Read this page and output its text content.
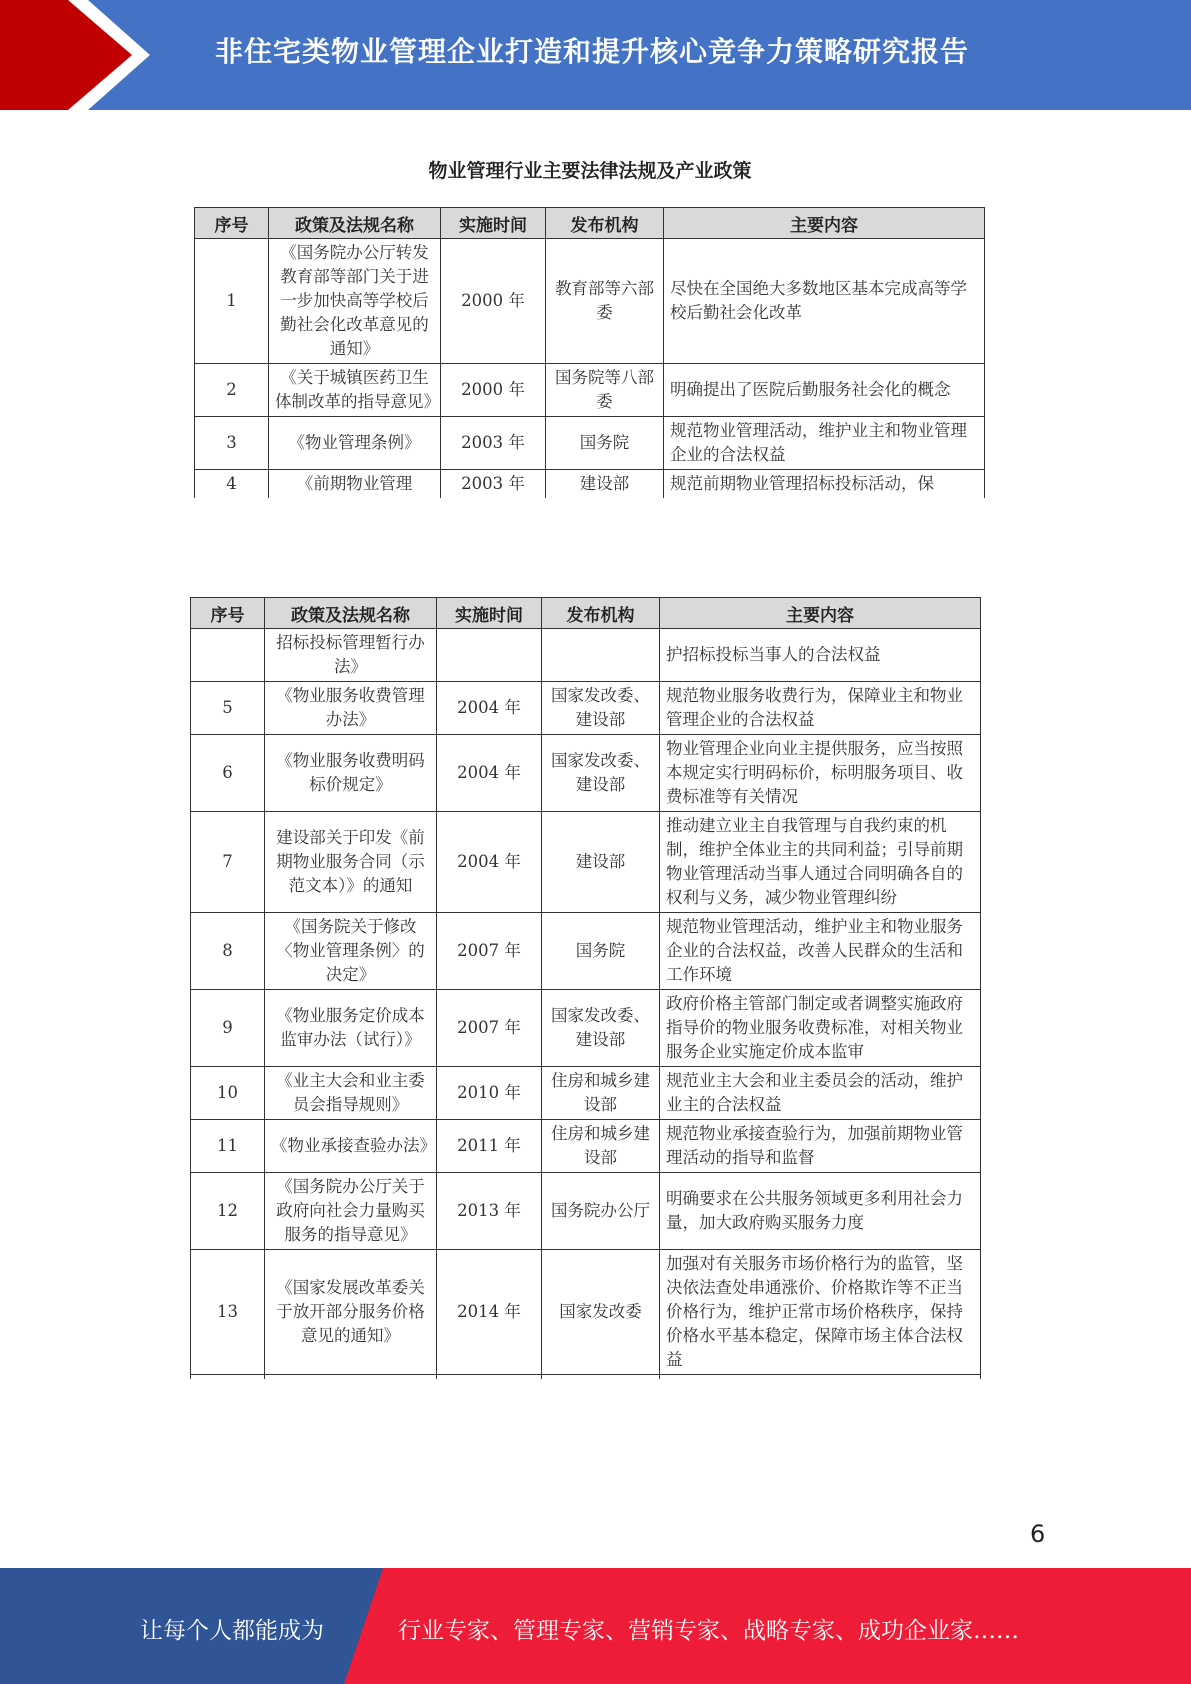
非住宅类物业管理企业打造和提升核心竞争力策略研究报告
物业管理行业主要法律法规及产业政策
序号	政策及法规名称	实施时间	发布机构	主要内容
1	《国务院办公厅转发教育部等部门关于进一步加快高等学校后勤社会化改革意见的通知》	2000 年	教育部等六部委	尽快在全国绝大多数地区基本完成高等学校后勤社会化改革
2	《关于城镇医药卫生体制改革的指导意见》	2000 年	国务院等八部委	明确提出了医院后勤服务社会化的概念
3	《物业管理条例》	2003 年	国务院	规范物业管理活动，维护业主和物业管理企业的合法权益
4	《前期物业管理	2003 年	建设部	规范前期物业管理招标投标活动，保
序号	政策及法规名称	实施时间	发布机构	主要内容
	招标投标管理暂行办法》			护招标投标当事人的合法权益
5	《物业服务收费管理办法》	2004 年	国家发改委、建设部	规范物业服务收费行为，保障业主和物业管理企业的合法权益
6	《物业服务收费明码标价规定》	2004 年	国家发改委、建设部	物业管理企业向业主提供服务，应当按照本规定实行明码标价，标明服务项目、收费标准等有关情况
7	建设部关于印发《前期物业服务合同（示范文本）》的通知	2004 年	建设部	推动建立业主自我管理与自我约束的机制，维护全体业主的共同利益；引导前期物业管理活动当事人通过合同明确各自的权利与义务，减少物业管理纠纷
8	《国务院关于修改〈物业管理条例〉的决定》	2007 年	国务院	规范物业管理活动，维护业主和物业服务企业的合法权益，改善人民群众的生活和工作环境
9	《物业服务定价成本监审办法（试行）》	2007 年	国家发改委、建设部	政府价格主管部门制定或者调整实施政府指导价的物业服务收费标准，对相关物业服务企业实施定价成本监审
10	《业主大会和业主委员会指导规则》	2010 年	住房和城乡建设部	规范业主大会和业主委员会的活动，维护业主的合法权益
11	《物业承接查验办法》	2011 年	住房和城乡建设部	规范物业承接查验行为，加强前期物业管理活动的指导和监督
12	《国务院办公厅关于政府向社会力量购买服务的指导意见》	2013 年	国务院办公厅	明确要求在公共服务领域更多利用社会力量，加大政府购买服务力度
13	《国家发展改革委关于放开部分服务价格意见的通知》	2014 年	国家发改委	加强对有关服务市场价格行为的监管，坚决依法查处串通涨价、价格欺诈等不正当价格行为，维护正常市场价格秩序，保持价格水平基本稳定，保障市场主体合法权益

6
让每个人都能成为	行业专家、管理专家、营销专家、战略专家、成功企业家……
